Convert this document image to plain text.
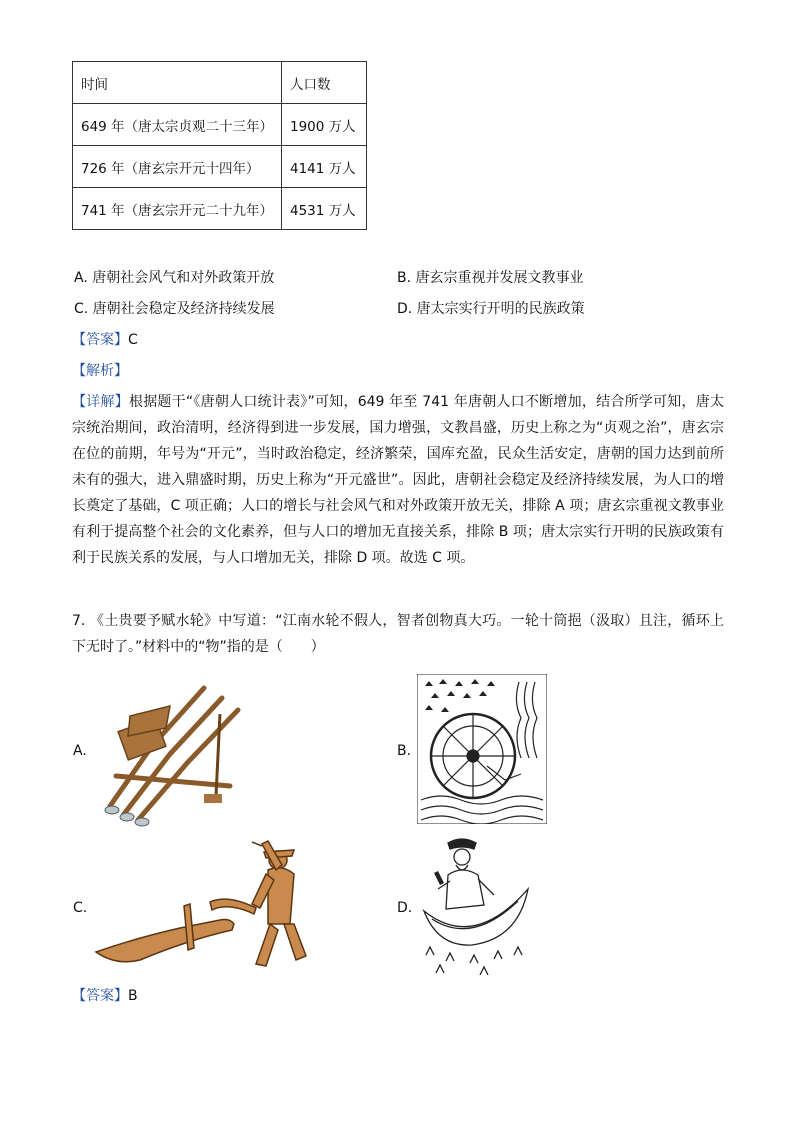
时间	人口数
649 年（唐太宗贞观二十三年）	1900 万人
726 年（唐玄宗开元十四年）	4141 万人
741 年（唐玄宗开元二十九年）	4531 万人
A. 唐朝社会风气和对外政策开放	B. 唐玄宗重视并发展文教事业
C. 唐朝社会稳定及经济持续发展	D. 唐太宗实行开明的民族政策
【答案】C
【解析】
【详解】根据题干“《唐朝人口统计表》”可知，649 年至 741 年唐朝人口不断增加，结合所学可知，唐太宗统治期间，政治清明，经济得到进一步发展，国力增强，文教昌盛，历史上称之为“贞观之治”，唐玄宗在位的前期，年号为“开元”，当时政治稳定，经济繁荣，国库充盈，民众生活安定，唐朝的国力达到前所未有的强大，进入鼎盛时期，历史上称为“开元盛世”。因此，唐朝社会稳定及经济持续发展，为人口的增长奠定了基础，C 项正确；人口的增长与社会风气和对外政策开放无关，排除 A 项；唐玄宗重视文教事业有利于提高整个社会的文化素养，但与人口的增加无直接关系，排除 B 项；唐太宗实行开明的民族政策有利于民族关系的发展，与人口增加无关，排除 D 项。故选 C 项。
7. 《土贵要予赋水轮》中写道：“江南水轮不假人，智者创物真大巧。一轮十筒挹（汲取）且注，循环上下无时了。”材料中的“物”指的是（　　）
A.	B.
C.	D.
【答案】B
